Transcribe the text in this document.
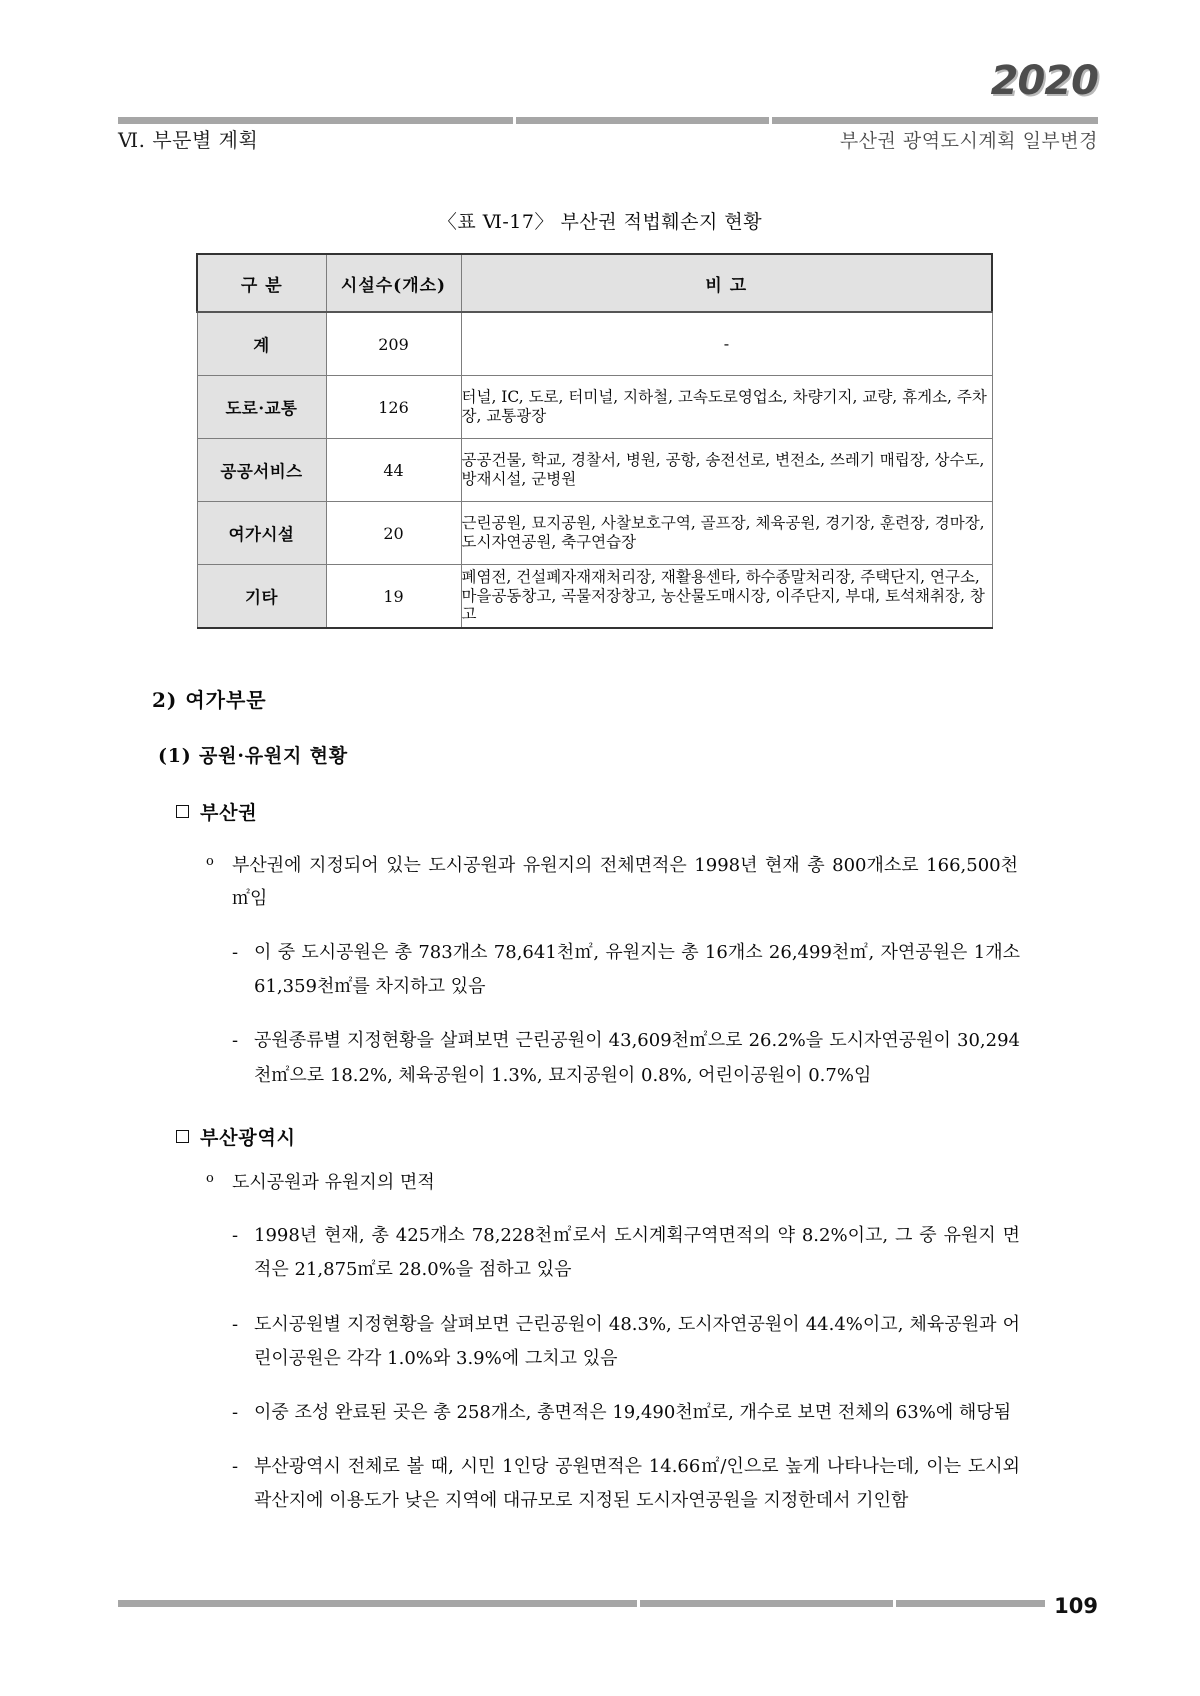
2020
Ⅵ. 부문별 계획	부산권 광역도시계획 일부변경
〈표 Ⅵ-17〉 부산권 적법훼손지 현황
구 분	시설수(개소)	비 고
계	209	-
도로·교통	126	터널, IC, 도로, 터미널, 지하철, 고속도로영업소, 차량기지, 교량, 휴게소, 주차장, 교통광장
공공서비스	44	공공건물, 학교, 경찰서, 병원, 공항, 송전선로, 변전소, 쓰레기 매립장, 상수도, 방재시설, 군병원
여가시설	20	근린공원, 묘지공원, 사찰보호구역, 골프장, 체육공원, 경기장, 훈련장, 경마장, 도시자연공원, 축구연습장
기타	19	폐염전, 건설폐자재재처리장, 재활용센타, 하수종말처리장, 주택단지, 연구소, 마을공동창고, 곡물저장창고, 농산물도매시장, 이주단지, 부대, 토석채취장, 창고
2) 여가부문
(1) 공원·유원지 현황
부산권
ο	부산권에 지정되어 있는 도시공원과 유원지의 전체면적은 1998년 현재 총 800개소로 166,500천㎡임
- 이 중 도시공원은 총 783개소 78,641천㎡, 유원지는 총 16개소 26,499천㎡, 자연공원은 1개소 61,359천㎡를 차지하고 있음
- 공원종류별 지정현황을 살펴보면 근린공원이 43,609천㎡으로 26.2%을 도시자연공원이 30,294천㎡으로 18.2%, 체육공원이 1.3%, 묘지공원이 0.8%, 어린이공원이 0.7%임
부산광역시
ο	도시공원과 유원지의 면적
- 1998년 현재, 총 425개소 78,228천㎡로서 도시계획구역면적의 약 8.2%이고, 그 중 유원지 면적은 21,875㎡로 28.0%을 점하고 있음
- 도시공원별 지정현황을 살펴보면 근린공원이 48.3%, 도시자연공원이 44.4%이고, 체육공원과 어린이공원은 각각 1.0%와 3.9%에 그치고 있음
- 이중 조성 완료된 곳은 총 258개소, 총면적은 19,490천㎡로, 개수로 보면 전체의 63%에 해당됨
- 부산광역시 전체로 볼 때, 시민 1인당 공원면적은 14.66㎡/인으로 높게 나타나는데, 이는 도시외곽산지에 이용도가 낮은 지역에 대규모로 지정된 도시자연공원을 지정한데서 기인함
109
